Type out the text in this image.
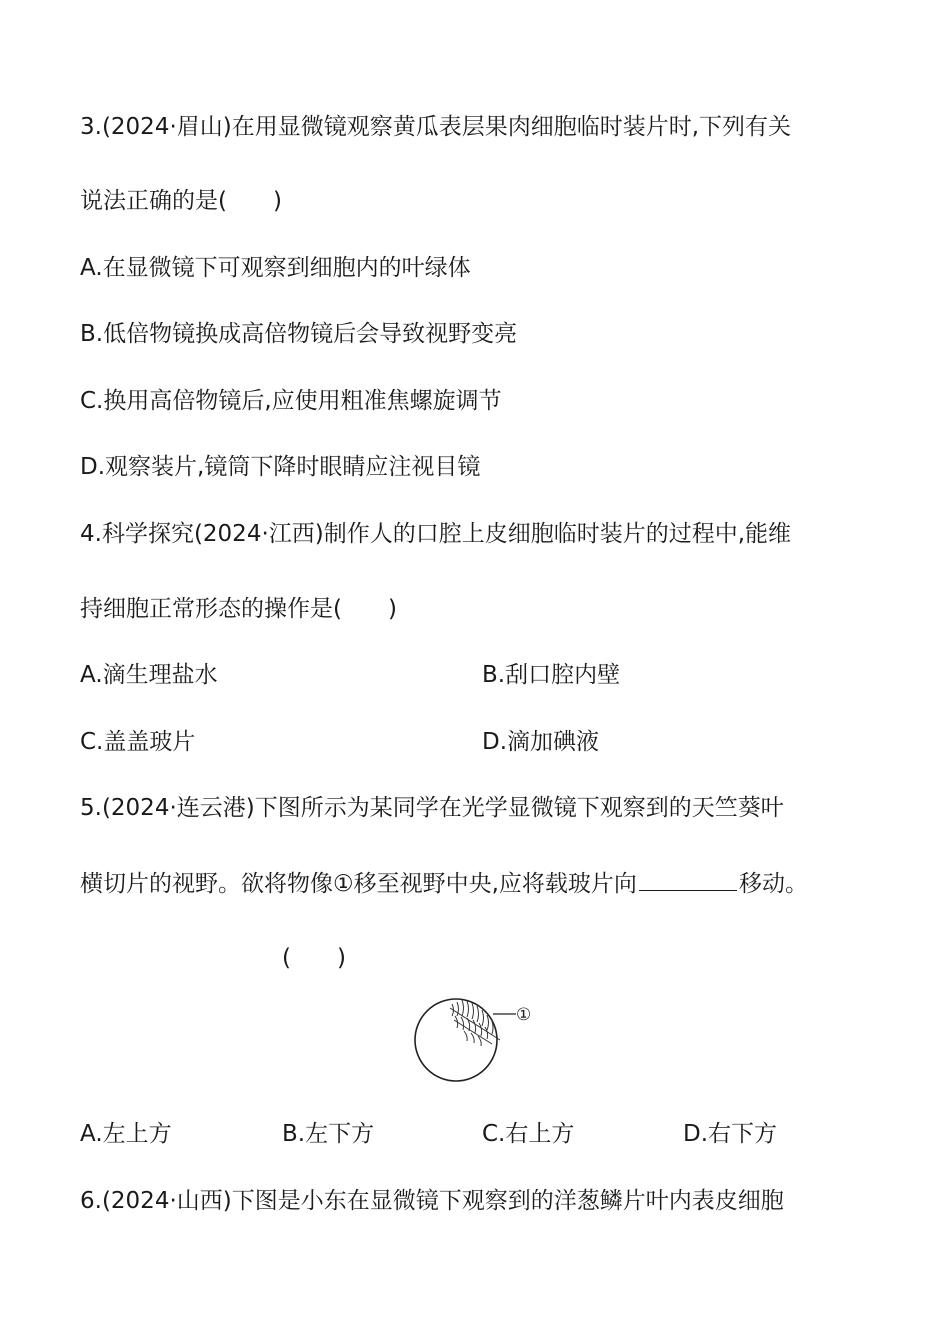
3.(2024·眉山)在用显微镜观察黄瓜表层果肉细胞临时装片时,下列有关
说法正确的是(　　)
A.在显微镜下可观察到细胞内的叶绿体
B.低倍物镜换成高倍物镜后会导致视野变亮
C.换用高倍物镜后,应使用粗准焦螺旋调节
D.观察装片,镜筒下降时眼睛应注视目镜
4.科学探究(2024·江西)制作人的口腔上皮细胞临时装片的过程中,能维
持细胞正常形态的操作是(　　)
A.滴生理盐水	B.刮口腔内壁
C.盖盖玻片	D.滴加碘液
5.(2024·连云港)下图所示为某同学在光学显微镜下观察到的天竺葵叶
横切片的视野。欲将物像①移至视野中央,应将载玻片向	移动。
(　　)
①
A.左上方	B.左下方	C.右上方	D.右下方
6.(2024·山西)下图是小东在显微镜下观察到的洋葱鳞片叶内表皮细胞
